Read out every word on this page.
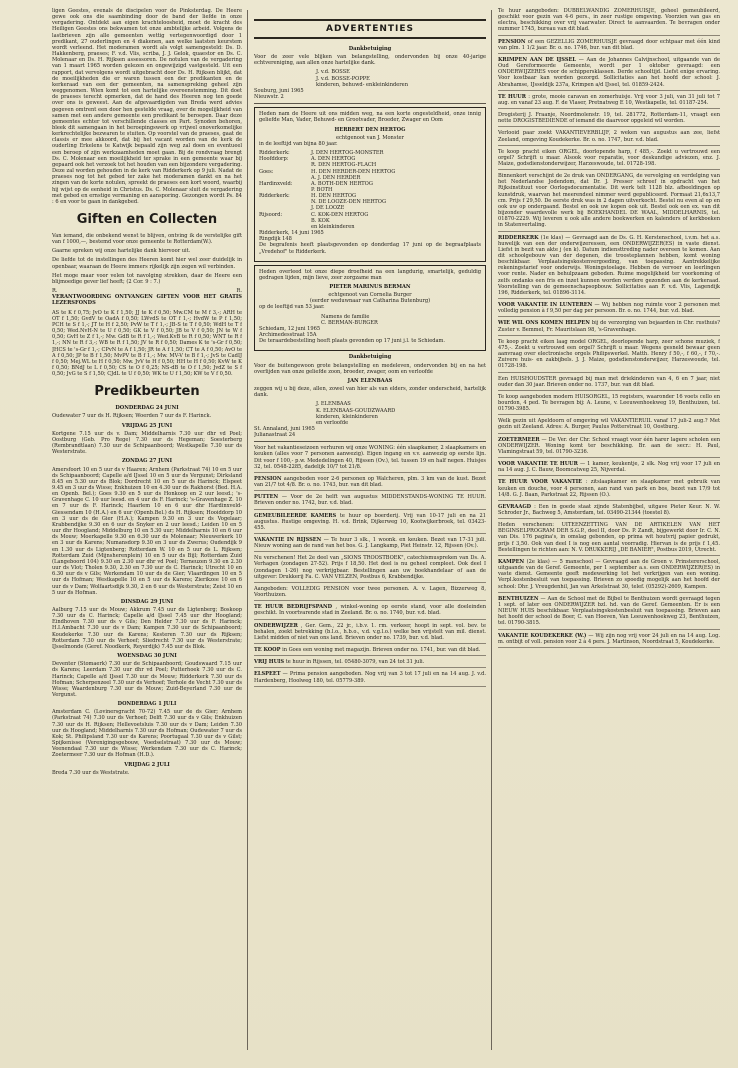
ligen Geestes, evenals de discipelen voor de Pinksterdag. De Heere gewe ook ons die saambinding door de band der liefde in onze vergadering. Ontdekt aan eigen krachteloosheid, moet de kracht des Heiligen Geestes ons bekwamen tot onze ambtelijke arbeid. Volgens de lastbrieven zijn alle gemeenten wettig vertegenwoordigd door 1 predikant, 27 ouderlingen en 4 diakenen, aan welke laatsten keurstem wordt verleend. Het moderamen wordt als volgt samengesteld: Ds. D. Hakkenberg, praeses; F. v.d. Vlis, scriba, J. J. Gelok, quaestor en Ds. C. Molenaar en Ds. H. Rijksen assessoren. De notulen van de vergadering van 1 maart 1965 worden gelezen en ongewijzigd vastgesteld. Uit een rapport, dat vervolgens wordt uitgebracht door Ds. H. Rijksen blijkt, dat de moeilijkheden die er waren tussen een der predikanten en de kerkeraad van een der gemeenten, na samenspreking geheel zijn weggenomen. Wien komt tot een hartelijke overeenstemming. Dit doet de praeses terecht opmerken, dat de hand des Heeren nog ten goede over ons is geweest. Aan de afgevaardigden van Breda werd advies gegeven omtrent een door hen gestelde vraag, over de mogelijkheid van samen met een andere gemeente een predikant te beroepen. Daar deze gemeentes echter tot verschillende classes en Part. Synoden behoren, bleek dit samengaan in het beroepingswerk op vrijwel onoverkomelijke kerkrechtelijke bezwaren te stuiten. Op voorstel van de praeses, gaat de classis er mee akkoord, dat bij het vacant worden van de kerk de ouderling Erkelens te Katwijk bepaald zijn weg zal doen en eventueel een beroep of zijn werkzaamheden moet gaan. Bij de rondvraag brengt Ds. C. Molenaar een moeilijkheid ter sprake in een gemeente waar bij gepaard ook het verzoek tot het houden van een bijzondere vergadering. Deze zal worden gehouden in de kerk van Ridderkerk op 9 juli. Nadat de praeses nog tot het gebed ter zake het moderamen dankt en na het zingen van de korte notulen, spreekt de praeses een kort woord, waarbij hij wijst op de eenheid in Christus. Ds. C. Molenaar sluit de vergadering met gebed en ernstige vermaning en aansporing. Gezongen wordt Ps. 84 : 6 en voor te gaan in dankgebed.

Giften en Collecten

Van iemand, die onbekend wenst te blijven, ontving ik de verstelijke gift van f 1000,—, bestemd voor onze gemeente te Rotterdam(W.).

Gaarne spreken wij onze hartelijke dank hiervoor uit.

De liefde tot de instellingen des Heeren komt hier wel zeer duidelijk in openbaar, waaraan de Heere immers rijkelijk zijn zegen wil verbinden.

Het moge maar voor velen tot navolging strekken, daar de Heere een blijmoedige gever lief heeft; (2 Cor. 9 : 7.)

R.	R.

VERANTWOORDING ONTVANGEN GIFTEN VOOR HET GRATIS LEZERSFONDS

AS te K f 0,75; JvO te K f 1,50; JJ te K f 0,50; Mw.CM te M f 3,-; ARH te OT f 1,50; GvdV te OadA f 0,50; LWvdS te OT f 1,-; HvdW te P f 1,50; PCH te S f 1,-; JT te H f 2,50; PvW te T f 1,-; JB-S te T f 0,50; WdH te T f 0,50; Wed.NvH-N te U f 0,50; GK te V f 0,50; JB te V f 0,50; JN te W f 0,50; GvH te Z f 1,-; Mw. GdB te R f 1,-; Wed.KvB te R f 0,50; WNT te R f 1,-; NN te R f 3,-; WB te R f 1,50; JV te R f 0,50; Dames K te 's-Gr f 0,50; JHCS te 's-Gr f 1,-; CPvN te A f 1,50; JR te A f 1,50; CT te A f 0,50; AvO te A f 0,50; JP te B f 1,50; MvPV te B f 1,-; Mw. MV-V te B f 1,-; JvS te CadIJ f 0,50; Mej.WL te H f 0,50; Mw. JvV te H f 0,50; HH te H f 0,50; KvW te K f 0,50; BNdJ te L f 0,50; CS te O f 0,25; NS-dB te O f 1,50; JvdZ te S f 0,50; JvG te S f 1,50; CJdL te U f 0,50; WK te U f 1,50; KW te V f 0,50.

Predikbeurten
DONDERDAG 24 JUNI

Oudewater 7 uur ds H. Rijksen; Woerden 7 uur ds F. Harinck.

VRIJDAG 25 JUNI

Kortgene 7.15 uur ds v. Dam; Middelharnis 7.30 uur dhr vd Poel; Oostburg (Geb. Pro Rege) 7.30 uur ds Hegeman; Soesterberg (Rembrandtlaan) 7.30 uur de Schipaanboord; Westkapelle 7.30 uur ds Westerstrate.

ZONDAG 27 JUNI

Amersfoort 10 en 5 uur ds v Haaren; Arnhem (Parkstraat 74) 10 en 5 uur ds Schipaanboord; Capelle a/d IJssel 10 en 5 uur ds Vergunst; Dirksland 8.45 en 5.30 uur ds Blok; Dordrecht 10 en 5 uur ds Harinck; Elspeet 9.45 en 3 uur ds Wisse; Enkhuizen 10 en 4.30 uur ds Rakhorst (Bed. H.A. en Openb. Bel.); Goes 9.30 en 5 uur ds Honkoop en 2 uur leesd.; 's-Gravenhage C. 10 uur leesd. en 4 uur ds F. Harinck; 's-Gravenhage Z. 10 en 7 uur ds F. Harinck; Haarlem 10 en 6 uur dhr Hardinxveld-Giessendam 10 (H.A.) en 6 uur (Openb.Bel.) ds H. Rijksen; Hooiddorp 10 en 3 uur ds de Gier (H.A.); Kampen 9.30 en 3 uur ds Vogelaar; Krabbendijke 9.30 en 6 uur ds Snyker en 2 uur leesd.; Leiden 10 en 5 uur dhr Hoogland; Middelburg 10 en 5.30 uur; Middelharnis 10 en 6 uur ds Mouw; Moerkapelle 9.30 en 6.30 uur ds Molenaar; Nieuwerkerk 10 en 3 uur ds Karens; Numansdorp 9.30 en 3 uur ds Zwerus; Oudendijk 9 en 1.30 uur ds Ligtenberg; Rotterdam W. 10 en 5 uur ds L. Rijksen; Rotterdam Zuid (Mijnsherenplein) 10 en 5 uur ds Bijl; Rotterdam Zuid (Langeboord 104) 9.30 en 2.30 uur dhr vd Poel; Terneuzen 9.30 en 2.30 uur ds Vlot; Tholen 9.30, 2.30 en 7.30 uur ds C. Harinck; Utrecht 10 en 6.30 uur ds v Gils; Werkendam 10 uur ds de Gier; Vlaardingen 10 en 5 uur ds Hofman; Westkapelle 10 en 5 uur ds Karens; Zierikzee 10 en 6 uur ds v Dam; Wolfaartsdijk 9.30, 2 en 6 uur ds Westerstrate; Zeist 10 en 5 uur ds Hofman.

DINSDAG 29 JUNI

Aalburg 7.15 uur ds Mouw; Akkrum 7.45 uur ds Ligtenberg; Boskoop 7.30 uur ds C. Harinck; Capelle a/d IJssel 7.45 uur dhr Hoogland; Eindhoven 7.30 uur ds v Gils; Den Helder 7.30 uur ds F. Harinck; H.I.Ambacht 7.30 uur ds v Dam; Kampen 7.30 uur ds Schipaanboord; Koudekerke 7.30 uur ds Karens; Kesteren 7.30 uur ds Rijksen; Rotterdam 7.30 uur ds Verhoef; Sliedrecht 7.30 uur ds Westerstrate; IJsselmonde (Geref. Noodkerk, Reyerdijk) 7.45 uur ds Blok.

WOENSDAG 30 JUNI

Deventer (Stomaerk) 7.30 uur de Schipaanboord; Goudswaard 7.15 uur ds Karens; Leerdam 7.30 uur dhr vd Poel; Putterhoek 7.30 uur ds C. Harinck; Capelle a/d IJssel 7.30 uur ds Mouw; Ridderkerk 7.30 uur ds Hofman; Scherpenzeel 7.30 uur ds Verhoef; Terhole de Vecht 7.30 uur ds Wisse; Waardenburg 7.30 uur ds Mouw; Zuid-Beyerland 7.30 uur de Vergunst.

DONDERDAG 1 JULI

Amsterdam C. (Lovinersgracht 70-72) 7.45 uur de ds Gier; Arnhem (Parkstraat 74) 7.30 uur ds Verhoef; Delft 7.30 uur ds v Gils; Enkhuizen 7.30 uur ds H. Rijksen; Hellevoetsluis 7.30 uur ds v Dam; Leiden 7.30 uur ds Hoogland; Middelharnis 7.30 uur ds Hofman; Oudewater 7 uur ds Kok; St. Philipsland 7.30 uur ds Karens; Poortugaal 7.30 uur ds v Gilst; Spijkenisse (Verenigingsgebouw, Voedselstraat) 7.30 uur ds Mouw; Veenendaal 7.30 uur ds Wisse; Werkendam 7.30 uur ds C. Harinck; Zoetermeer 7.30 uur ds Hofman (H.D.).

VRIJDAG 2 JULI

Breda 7.30 uur ds Weststrate.

ADVERTENTIES
Dankbetuiging

Voor de zeer vele blijken van belangstelling, ondervonden bij onze 40-jarige echtvereniging, aan allen onze hartelijke dank.

J. v.d. BOSSE
J. v.d. BOSSE-POPPE
kinderen, behuwd- enkleinkinderen
Souburg, juni 1965
Nieuwstr. 2

Heden nam de Heere uit ons midden weg, na een korte ongesteldheid, onze innig geliefde Man, Vader, Behuwd- en Grootvader, Broeder, Zwager en Oom

HERBERT DEN HERTOG
echtgenoot van J. Monster

in de leeftijd van bijna 80 jaar.

Ridderkerk:	J. DEN HERTOG-MONSTER
Hoofddorp:	A. DEN HERTOG
R. DEN HERTOG-FLACH
Goes:	H. DEN HERDER-DEN HERTOG
A. J. DEN HERDER
Hardinxveld:	A. BOTH-DEN HERTOG
P. BOTH
Ridderkerk:	H. DEN HERTOG
N. DE LOOZE-DEN HERTOG
J. DE LOOZE
Rijsoord:	C. KOK-DEN HERTOG
B. KOK
en kleinkinderen
Ridderkerk, 14 juni 1965
Ringdijk 148

De begrafenis heeft plaatsgevonden op donderdag 17 juni op de begraafplaats „Vredehof" te Ridderkerk.

Heden overleed tot onze diepe droefheid na een langdurig, smartelijk, geduldig gedragen lijden, mijn lieve, zeer zorgzame man

PIETER MARINUS BERMAN
echtgenoot van Cornelia Burger
(eerder weduwnaar van Catharina Butenburg)

op de leeftijd van 53 jaar.

Namens de familie
C. BERMAN-BURGER
Schiedam, 12 juni 1965
Archimedesstraat 15A

De teraardebestelling heeft plaats gevonden op 17 juni j.l. te Schiedam.

Dankbetuiging

Voor de buitengewoon grote belangstelling en medeleven, ondervonden bij en na het overlijden van onze geliefde zoon, broeder, zwager, oom en verloofde

JAN ELENBAAS

zeggen wij u bij deze, allen, zowel van hier als van elders, zonder onderscheid, hartelijk dank.

J. ELENBAAS
K. ELENBAAS-GOUDZWAARD
kinderen, kleinkinderen
en verloofde
St. Annaland, juni 1965
Julianastraat 24
Voor het vakantieseizoen verhuren wij onze WONING: één slaapkamer, 2 slaapkamers en keuken (alles voor 7 personen aanwezig). Eigen ingang en v.v. aanwezig op eerste lijn. Dit voor f 100,- p.w. Mededelingen 40, Rijssen (Ov.), tel. tussen 19 en half negen. Huisjes 32, tel. 0548-2285, dadelijk 10/7 tot 21/8.
PENSION aangeboden voor 2-6 personen op Walcheren, plm. 3 km van de kust. Bezet van 21/7 tot 4/8. Br. o. no. 1743, bur. van dit blad.
PUTTEN — Voor de 2e helft van augustus MIDDENSTANDS-WONING TE HUUR. Brieven onder no. 1742, bur. v.d. blad.
GEMEUBILEERDE KAMERS te huur op boerderij. Vrij van 10-17 juli en na 21 augustus. Rustige omgeving. H. v.d. Brink, Dijkerweg 10, Kootwijkerbroek, tel. 03423-455.
VAKANTIE IN RIJSSEN — Te huur 3 slk., 1 woonk. en keuken. Bezet van 17-31 juli. Nieuw woning aan de rand van het bos. G. J. Langkamp, Piet Heinstr. 12, Rijssen (Ov.).
Nu verschenen! Het 2e deel van „SIONS TROOSTBOEK", catechismuspreken van Ds. A. Verhagen (zondagen 27-52). Prijs f 18,50. Het deel is nu geheel compleet. Ook deel I (zondagen 1-26) nog verkrijgbaar. Bestellingen aan uw boekhandelaar of aan de uitgever: Drukkerij Fa. C. VAN VELZEN, Postbus 6, Krabbendijke.
Aangeboden: VOLLEDIG PENSION voor twee personen. A. v. Lagen, Bizzerweg 8, Voorthuizen.
TE HUUR BEDRIJFSPAND , winkel-woning op eerste stand, voor alle doeleinden geschikt. In voortvarende stad in Zeeland. Br. o. no. 1740, bur. v.d. blad.
ONDERWIJZER , Ger. Gem., 22 jr., i.b.v. 1. rm. verkeer, hoopt in sept. vol. bev. te behalen, zoekt betrekking (b.l.o., h.b.o., v.d. v.g.l.o.) welke ben vrijstelt van mil. dienst. Liefst midden of niet van ons land. Brieven onder no. 1739, bur. v.d. blad.
TE KOOP in Goes een woning met magazijn. Brieven onder no. 1741, bur. van dit blad.
VRIJ HUIS te huur in Rijssen, tel. 05480-3079, van 24 tot 31 juli.
ELSPEET — Prima pension aangeboden. Nog vrij van 3 tot 17 juli en na 14 aug. J. v.d. Hardenberg, Hoolweg 180, tel. 05779-389.
Te huur aangeboden: DUBBELWANDIG ZOMERHUISJE, geheel gemeubileerd, geschikt voor gezin van 4-6 pers., in zeer rustige omgeving. Voorzien van gas en electra, beschikking over vrij vaarwater. Direct te aanvaarden. Te bevragen onder nummer 1745, bureau van dit blad.
PENSION of een GEZELLIG ZOMERHUISJE gevraagd door echtpaar met één kind van plm. 1 1/2 jaar. Br. o. no. 1746, bur. van dit blad.
KRIMPEN AAN DE IJSSEL — Aan de Johannes Calvijnschool, uitgaande van de Oud Gereformeerde Gemeente, wordt per 1 oktober gevraagd: een ONDERWIJZERES voor de schippersklassen. Derde schooltijd. Liefst enige ervaring. Voor kostbaar kan worden gezorgd. Sollicitaties aan het hoofd der school: J. Abrahamse, IJsseldijk 237a, Krimpen a/d IJssel, tel. 01859-2424.
TE HUUR : grote, mooie caravan en zomerhuisje. Vrij voor 3 juli, van 31 juli tot 7 aug. en vanaf 23 aug. F. de Vlaser, Pretnatweg E 10, Westkapelle, tel. 01187-254.
Drogisterij J. Fraanje, Noordmolenstr. 19, tel. 281772, Rotterdam-11, vraagt een nette DROGISTBEDIENDE of iemand die daarvoor opgeleid wil worden.
Verlooid paar zoekt VAKANTIEVERBLIJF, 2 weken van augustus aan zee, liefst Zeeland, omgeving Koudekerke. Br. o. no. 1747, bur. v.d. blad.
Te koop pracht eiken ORGEL, doorlopende harp, f 485,-. Zoekt u vertrouwd een orgel? Schrijft u maar. Alsook voor reparatie, voor deskundige adviezen, enz. J. Maize, godsdienstonderwijzer, Harzeswoude, tel. 01728-198.
Binnenkort verschijnt de 2e druk van ONDERGANG, de vervolging en verdelging van het Nederlandse Jodendom, dat Dr. J. Presser schreef in opdracht van het Rijksinstituut voor Oorlogsdocumentatie. Dit werk telt 1128 blz. afbeeldingen op kunstdruk, waarvan het meerendeel nimmer werd gepubliceerd. Formaat 21,6x13,7 cm. Prijs f 29,50. De eerste druk was in 2 dagen uitverkocht. Bestel nu even al op en ook uw op ondergaand. Bestel en ook uw kopen ook uit. Bestel ook een ex. van dit bijzonder waardevolle werk bij BOEKHANDEL DE WAAL, MIDDELHARNIS, tel. 01870-2229. Wij leveren u ook alle andere boekwerken en kalenders of kerkboeken in Statenvertaling.
RIDDERKERK (1e klas) — Gevraagd aan de Ds. G. H. Kerstenschool, i.v.m. het a.s. huwelijk van een der onderwijzeressen, een ONDERWIJZER(ES) in vaste dienst. Liefst in bezit van akte j (en k). Datum indiensttreding nader overeen te komen. Aan dit schoolgebouw van der degenen, die troosteplannen hebben, komt woning beschikbaar. Verplaatsingskostenvergoeding, van toepassing. Aantrekkelijke rekeningstarief voor onderwijs. Woningstoelage. Hebben de vervoer en leerlingen voor rente. Nader en behulpzaam geboden. Ruime mogelijkheid ter voorkoming of zelfs ondanks een fris en inzet kunnen worden verdere gezonden aan de kerkeraad. Voorstelling van de gemeenschapsopbouw. Sollicitaties aan F. v.d. Vlis, Lagendijk 196, Ridderkerk, tel. 01896-3114.
VOOR VAKANTIE IN LUNTEREN — Wij hebben nog ruimte voor 2 personen met volledig pension à f 9,50 per dag per persoon. Br. o. no. 1744, bur. v.d. blad.
WIE WIL ONS KOMEN HELPEN bij de verzorging van bejaarden in Chr. rusthuis? Zuster v. Bemmel, Fr. Mauritslaan 98, 's-Gravenhage.
Te koop pracht eiken laag model ORGEL, doorlopende harp, zeer schone muziek, f 475,-. Zoekt u vertrouwd een orgel? Schrijft u maar. Wegens gesneld bewaar geen aanvraag over electronische orgels Philipswerkel. Matth. Henry f 50,-, f 60,-, f 70,-. Zuivere huis- en zakbijbels. J. J. Maize, godsdienstonderwijzer, Harzeswoude, tel. 01728-198.
Een HUISHOUDSTER gevraagd bij man met driekinderen van 4, 6 en 7 jaar, niet ouder dan 30 jaar. Brieven onder no. 1737, bur. van dit blad.
Te koop aangeboden modern HUISORGEL, 15 registers, waaronder 16 voets cello en bourdon, 4 ped. Te bevragen bij: A. Leune, v. Leeuwenhoekweg 19, Benthuizen, tel. 01790-3985.
Welk gezin uit Apeldoorn of omgeving wil VAKANTIERUIL vanaf 17 juli-2 aug.? Met gezin uit Zeeland. Adres: A. Burger, Paulus Potterstraat 10, Oostburg.
ZOETERMEER — De Ver. der Chr. School vraagt voor één harer lagere scholen een ONDERWIJZER. Woning komt ter beschikking. Br. aan de secr.: H. Paul, Vlamingstraat 59, tel. 01790-3236.
VOOR VAKANTIE TE HUUR — 1 kamer, keukentje, 2 slk. Nog vrij voor 17 juli en na 14 aug. J. C. Bauw, Boomcatweg 25, Nijverdal.
TE HUUR VOOR VAKANTIE : zitslaapkamer en slaapkamer met gebruik van keuken en douche, voor 4 personen, aan rand van park en bos, bezet van 17/9 tot 14/8. G. J. Baan, Parkstraat 22, Rijssen (O.).
GEVRAAGD : Een in goede staat zijnde Statenbijbel, uitgave Pieter Keur. N. W. Schroder Jr., Bachweg 5, Amsterdam, tel. 03490-21344 (toestel 8).
Heden verschenen: UITEENZETTING VAN DE ARTIKELEN VAN HET BEGINSELPROGRAM DER S.G.P., deel II, door Ds. P. Zandt, bijgewerkt door Ir. C. N. van Dis. 176 pagina's, in omslag gebonden, op prima wit houtvrij papier gedrukt, prijs f 3,50. Ook van deel I is nog een aantal voorradig. Hiervan is de prijs f 1,45. Bestellingen te richten aan: N. V. DRUKKERIJ „DE BANIER", Postbus 2019, Utrecht.
KAMPEN (2e klas) — 5 manschool — Gevraagd aan de Groen v. Prinstererschool, uitgaande van de Geref. Gemeente, per 1 september a.s. een ONDERWIJZER(ES) in vaste dienst. Gemeente geeft medewerking tot het verkrijgen van een woning. Verpl.kostenbesluit van toepassing. Brieven zo spoedig mogelijk aan het hoofd der school: Dhr. J. Vreugdenhil, Jan van Arkelstraat 30, telef. (05292)-2609, Kampen.
BENTHUIZEN — Aan de School met de Bijbel te Benthuizen wordt gevraagd tegen 1 sept. of later een ONDERWIJZER bzl. hd. van de Geref. Gemeenten. Er is een NIEUW HUIS beschikbaar. Verplaatsingskostenbesluit van toepassing. Brieven aan het hoofd der school de Boer, C. van Hoeven, Van Leeuwenhoekweg 23, Benthuizen, tel. 01790-3815.
VAKANTIE KOUDEKERKE (W.) — Wij zijn nog vrij voor 24 juli en na 14 aug. Log. m. ontbijt of voll. pension voor 2 à 4 pers. J. Martinson, Noordstraat 5, Koudekerke.
